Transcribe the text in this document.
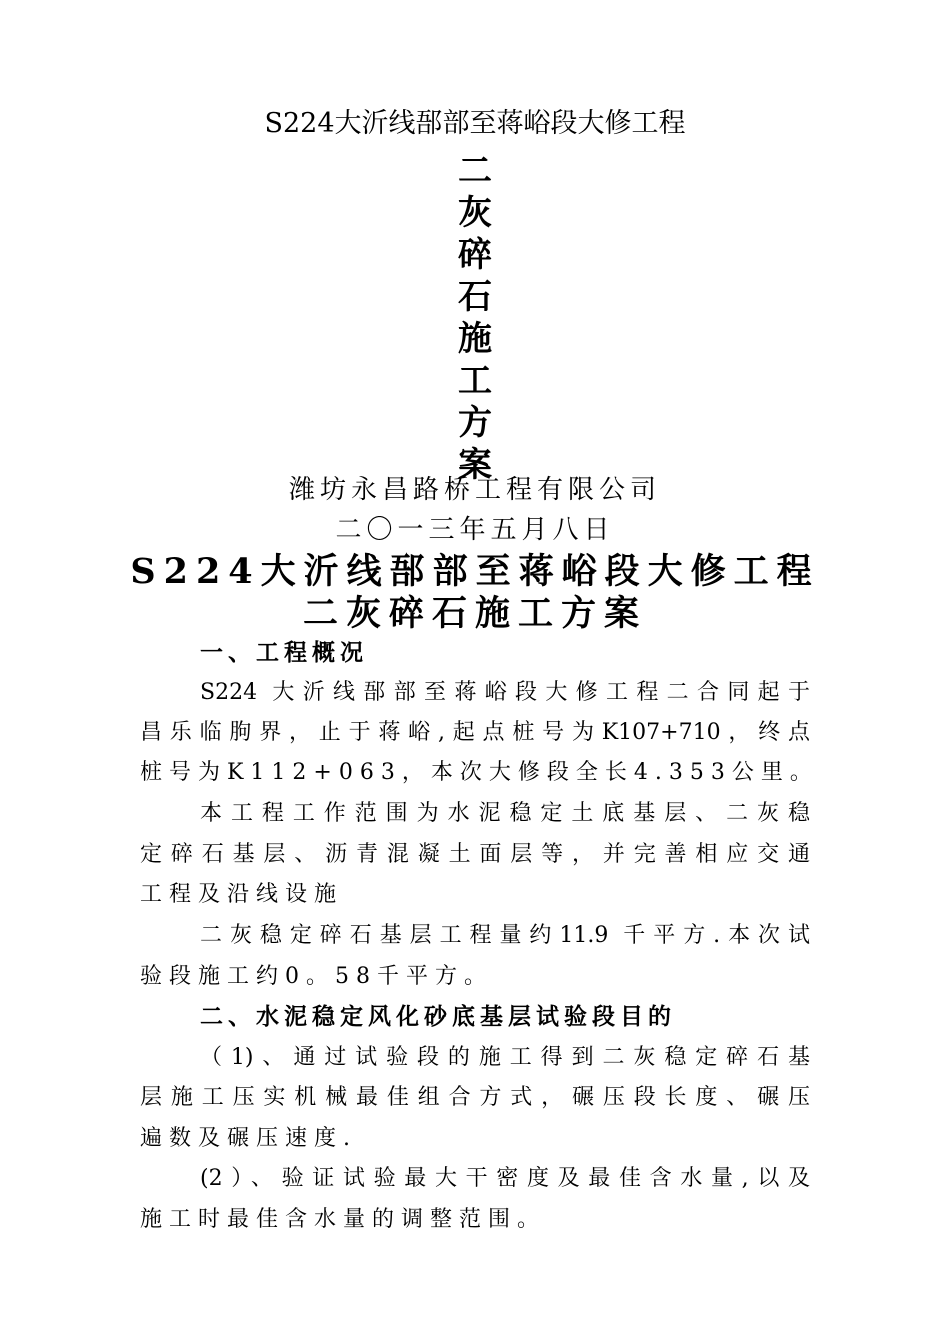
S224大沂线郚部至蒋峪段大修工程
二
灰
碎
石
施
工
方
案
潍坊永昌路桥工程有限公司
二〇一三年五月八日
S224大沂线郚部至蒋峪段大修工程
二灰碎石施工方案
一、工程概况
S224 大沂线郚部至蒋峪段大修工程二合同起于
昌乐临朐界，止于蒋峪,起点桩号为K107+710，终点
桩号为K112+063，本次大修段全长4.353公里。
本工程工作范围为水泥稳定土底基层、二灰稳
定碎石基层、沥青混凝土面层等，并完善相应交通
工程及沿线设施
二灰稳定碎石基层工程量约11.9 千平方.本次试
验段施工约0。58千平方。
二、水泥稳定风化砂底基层试验段目的
（1)、通过试验段的施工得到二灰稳定碎石基
层施工压实机械最佳组合方式，碾压段长度、碾压
遍数及碾压速度.
(2）、验证试验最大干密度及最佳含水量,以及
施工时最佳含水量的调整范围。
